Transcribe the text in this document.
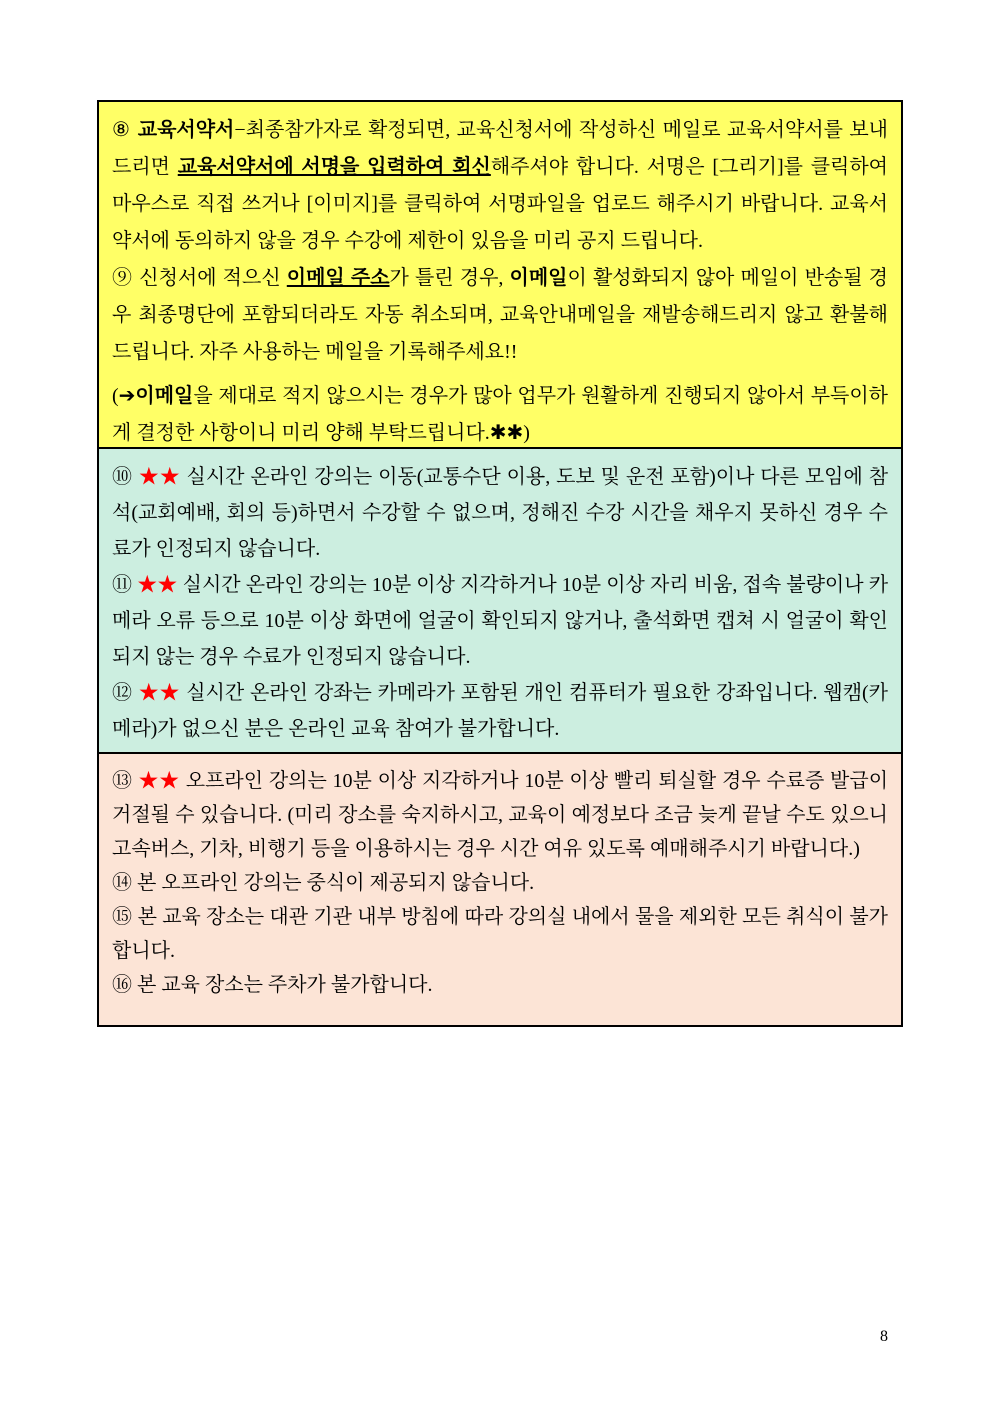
⑧ 교육서약서−최종참가자로 확정되면, 교육신청서에 작성하신 메일로 교육서약서를 보내드리면 교육서약서에 서명을 입력하여 회신해주셔야 합니다. 서명은 [그리기]를 클릭하여 마우스로 직접 쓰거나 [이미지]를 클릭하여 서명파일을 업로드 해주시기 바랍니다. 교육서약서에 동의하지 않을 경우 수강에 제한이 있음을 미리 공지 드립니다.

⑨ 신청서에 적으신 이메일 주소가 틀린 경우, 이메일이 활성화되지 않아 메일이 반송될 경우 최종명단에 포함되더라도 자동 취소되며, 교육안내메일을 재발송해드리지 않고 환불해드립니다. 자주 사용하는 메일을 기록해주세요!!

(➔이메일을 제대로 적지 않으시는 경우가 많아 업무가 원활하게 진행되지 않아서 부득이하게 결정한 사항이니 미리 양해 부탁드립니다.✱✱)

⑩ ★★ 실시간 온라인 강의는 이동(교통수단 이용, 도보 및 운전 포함)이나 다른 모임에 참석(교회예배, 회의 등)하면서 수강할 수 없으며, 정해진 수강 시간을 채우지 못하신 경우 수료가 인정되지 않습니다.

⑪ ★★ 실시간 온라인 강의는 10분 이상 지각하거나 10분 이상 자리 비움, 접속 불량이나 카메라 오류 등으로 10분 이상 화면에 얼굴이 확인되지 않거나, 출석화면 캡쳐 시 얼굴이 확인되지 않는 경우 수료가 인정되지 않습니다.

⑫ ★★ 실시간 온라인 강좌는 카메라가 포함된 개인 컴퓨터가 필요한 강좌입니다. 웹캠(카메라)가 없으신 분은 온라인 교육 참여가 불가합니다.

⑬ ★★ 오프라인 강의는 10분 이상 지각하거나 10분 이상 빨리 퇴실할 경우 수료증 발급이 거절될 수 있습니다. (미리 장소를 숙지하시고, 교육이 예정보다 조금 늦게 끝날 수도 있으니 고속버스, 기차, 비행기 등을 이용하시는 경우 시간 여유 있도록 예매해주시기 바랍니다.)

⑭ 본 오프라인 강의는 중식이 제공되지 않습니다.

⑮ 본 교육 장소는 대관 기관 내부 방침에 따라 강의실 내에서 물을 제외한 모든 취식이 불가합니다.

⑯ 본 교육 장소는 주차가 불가합니다.

8
